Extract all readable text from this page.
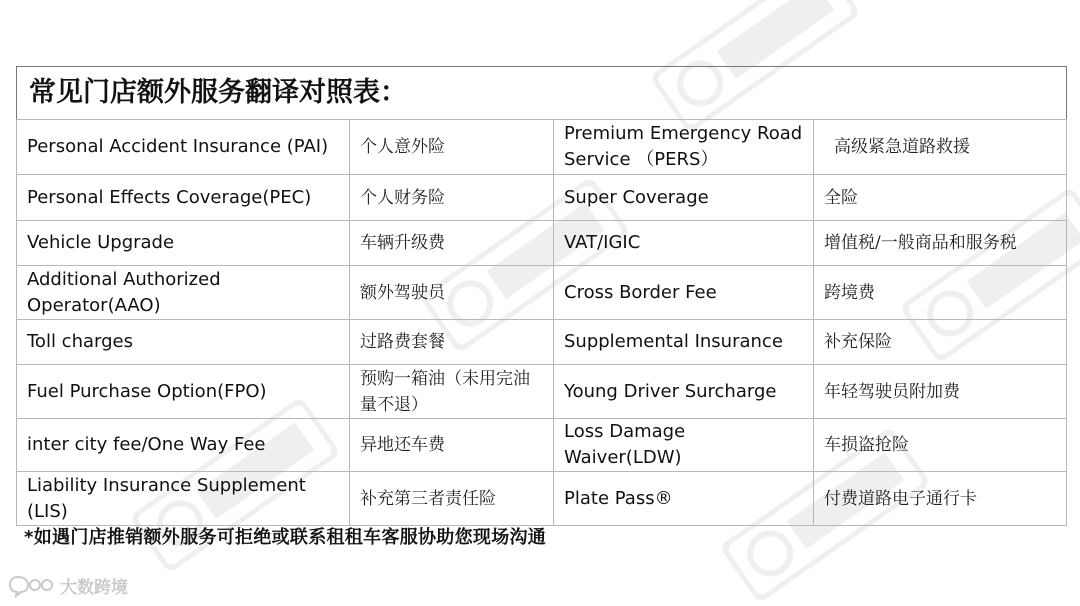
常见门店额外服务翻译对照表：			
Personal Accident Insurance (PAI)	个人意外险	Premium Emergency Road Service （PERS）	高级紧急道路救援
Personal Effects Coverage(PEC)	个人财务险	Super Coverage	全险
Vehicle Upgrade	车辆升级费	VAT/IGIC	增值税/一般商品和服务税
Additional Authorized Operator(AAO)	额外驾驶员	Cross Border Fee	跨境费
Toll charges	过路费套餐	Supplemental Insurance	补充保险
Fuel Purchase Option(FPO)	预购一箱油（未用完油量不退）	Young Driver Surcharge	年轻驾驶员附加费
inter city fee/One Way Fee	异地还车费	Loss Damage Waiver(LDW)	车损盗抢险
Liability Insurance Supplement (LIS)	补充第三者责任险	Plate Pass®	付费道路电子通行卡
*如遇门店推销额外服务可拒绝或联系租租车客服协助您现场沟通
大数跨境
